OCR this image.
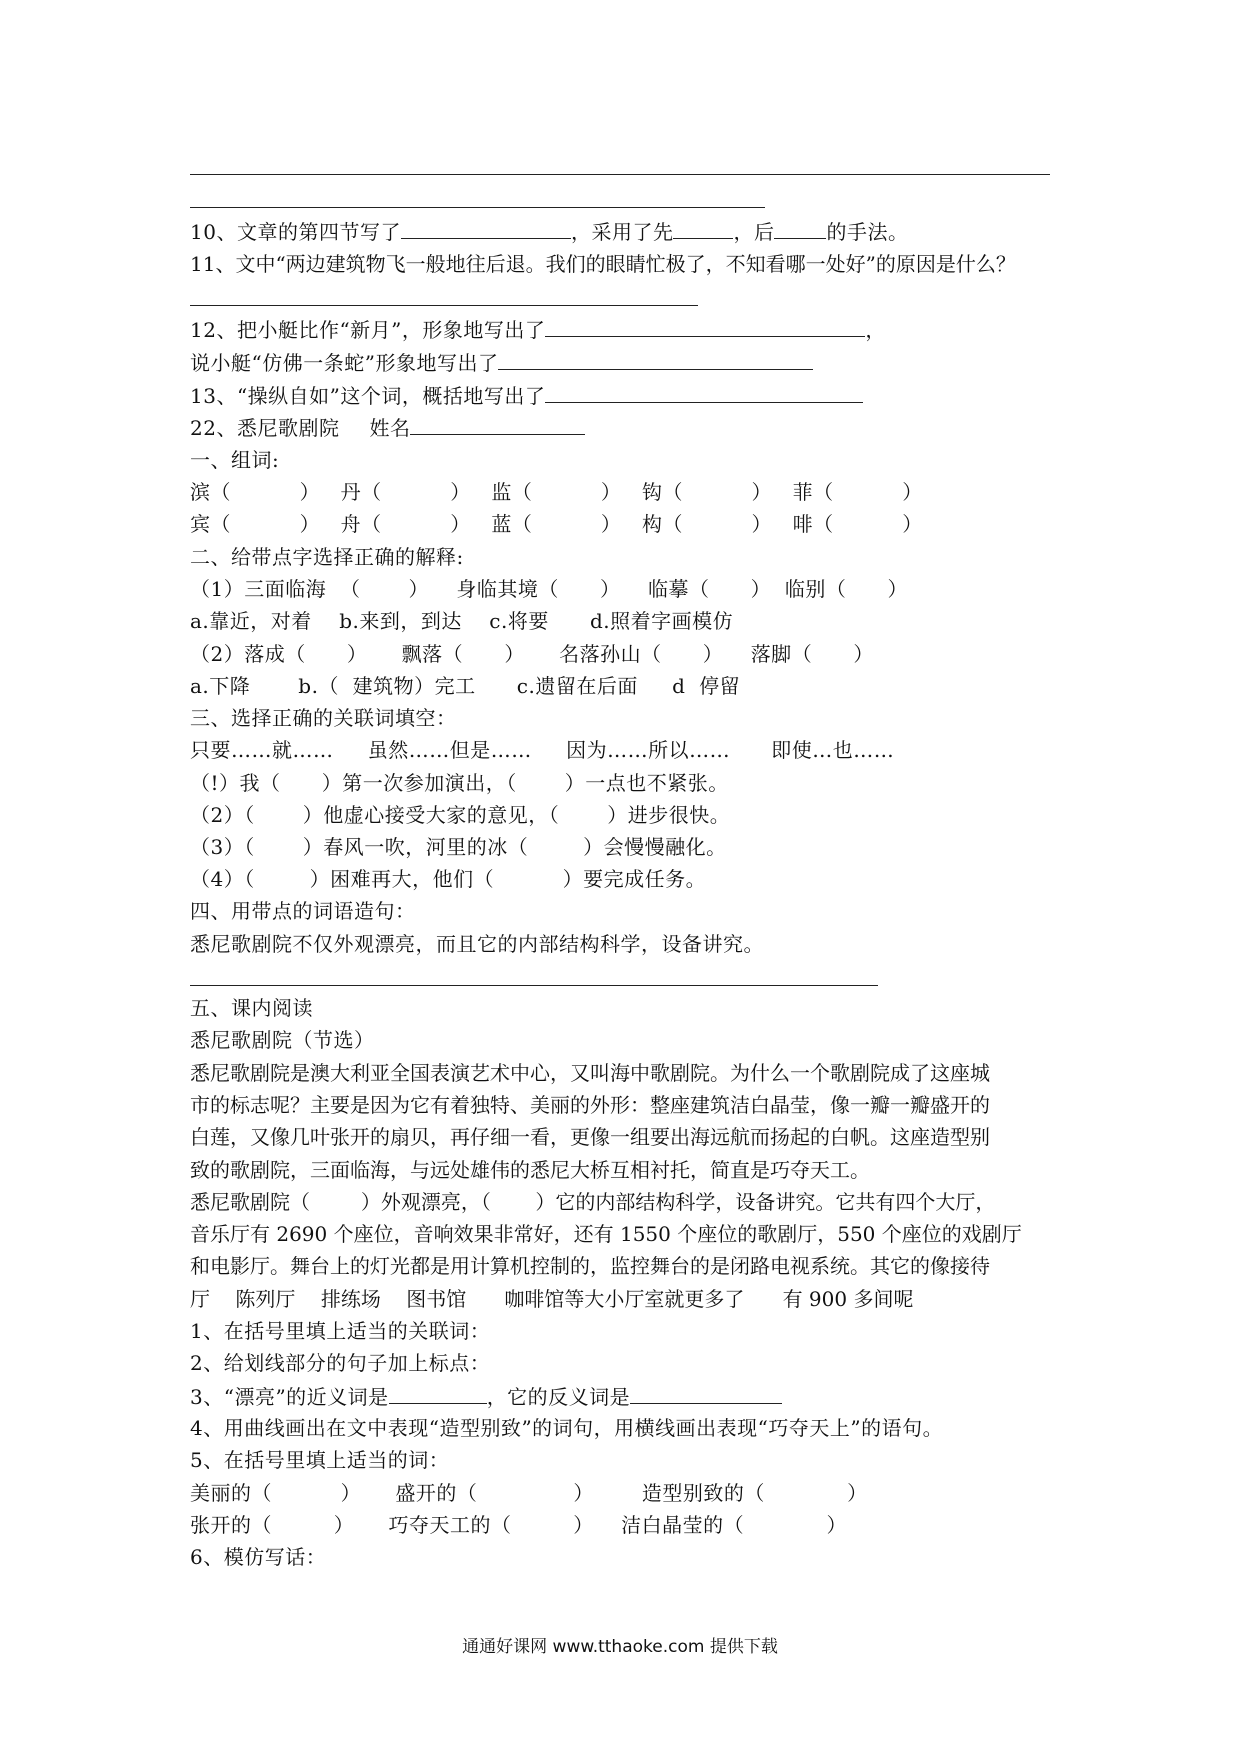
10、文章的第四节写了	，采用了先	，后	的手法。
11、文中“两边建筑物飞一般地往后退。我们的眼睛忙极了，不知看哪一处好”的原因是什么？
12、把小艇比作“新月”，形象地写出了	，
说小艇“仿佛一条蛇”形象地写出了
13、“操纵自如”这个词，概括地写出了
22、悉尼歌剧院 姓名
一、组词:
滨（          ）   丹（          ）   监（          ）   钩（          ）   菲（          ）
宾（          ）   舟（          ）   蓝（          ）   构（          ）   啡（          ）
二、给带点字选择正确的解释:
（1）三面临海  （       ）    身临其境（      ）    临摹（      ）  临别（      ）
a.靠近，对着    b.来到，到达    c.将要      d.照着字画模仿
（2）落成（      ）     飘落（      ）     名落孙山（      ）    落脚（      ）
a.下降       b.（  建筑物）完工      c.遗留在后面     d  停留
三、选择正确的关联词填空：
只要……就……     虽然……但是……     因为……所以……      即使…也……
（!）我（ ）第一次参加演出，（ ）一点也不紧张。
（2）（ ）他虚心接受大家的意见，（ ）进步很快。
（3）（ ）春风一吹，河里的冰（	）会慢慢融化。
（4）（	）困难再大，他们（	）要完成任务。
四、用带点的词语造句：
悉尼歌剧院不仅外观漂亮，而且它的内部结构科学，设备讲究。
五、课内阅读
悉尼歌剧院（节选）
悉尼歌剧院是澳大利亚全国表演艺术中心，又叫海中歌剧院。为什么一个歌剧院成了这座城
市的标志呢？主要是因为它有着独特、美丽的外形：整座建筑洁白晶莹，像一瓣一瓣盛开的
白莲，又像几叶张开的扇贝，再仔细一看，更像一组要出海远航而扬起的白帆。这座造型别
致的歌剧院，三面临海，与远处雄伟的悉尼大桥互相衬托，简直是巧夺天工。
悉尼歌剧院（	）外观漂亮，（ ）它的内部结构科学，设备讲究。它共有四个大厅，
音乐厅有 2690 个座位，音响效果非常好，还有 1550 个座位的歌剧厅，550 个座位的戏剧厅
和电影厅。舞台上的灯光都是用计算机控制的，监控舞台的是闭路电视系统。其它的像接待
厅    陈列厅    排练场    图书馆      咖啡馆等大小厅室就更多了      有 900 多间呢
1、在括号里填上适当的关联词：
2、给划线部分的句子加上标点：
3、“漂亮”的近义词是	，它的反义词是
4、用曲线画出在文中表现“造型别致”的词句，用横线画出表现“巧夺天上”的语句。
5、在括号里填上适当的词：
美丽的（          ）     盛开的（              ）       造型别致的（            ）
张开的（         ）     巧夺天工的（         ）    洁白晶莹的（            ）
6、模仿写话：
通通好课网 www.tthaoke.com 提供下载
